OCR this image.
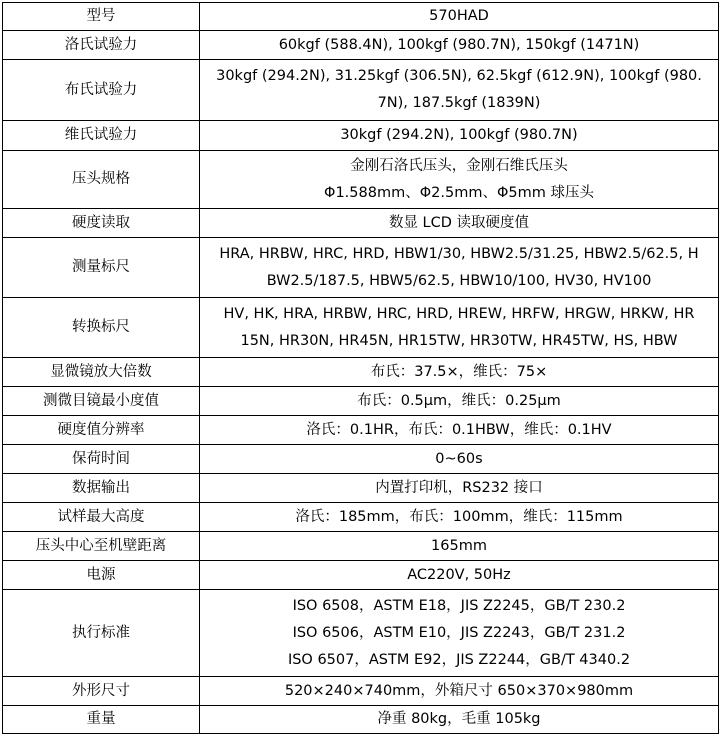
型号	570HAD

洛氏试验力	60kgf (588.4N), 100kgf (980.7N), 150kgf (1471N)

布氏试验力	30kgf (294.2N), 31.25kgf (306.5N), 62.5kgf (612.9N), 100kgf (980.
7N), 187.5kgf (1839N)

维氏试验力	30kgf (294.2N), 100kgf (980.7N)

压头规格	金刚石洛氏压头，金刚石维氏压头
Φ1.588mm、Φ2.5mm、Φ5mm 球压头

硬度读取	数显 LCD 读取硬度值

测量标尺	HRA, HRBW, HRC, HRD, HBW1/30, HBW2.5/31.25, HBW2.5/62.5, H
BW2.5/187.5, HBW5/62.5, HBW10/100, HV30, HV100

转换标尺	HV, HK, HRA, HRBW, HRC, HRD, HREW, HRFW, HRGW, HRKW, HR
15N, HR30N, HR45N, HR15TW, HR30TW, HR45TW, HS, HBW

显微镜放大倍数	布氏：37.5×，维氏：75×

测微目镜最小度值	布氏：0.5μm，维氏：0.25μm

硬度值分辨率	洛氏：0.1HR，布氏：0.1HBW，维氏：0.1HV

保荷时间	0~60s

数据输出	内置打印机，RS232 接口

试样最大高度	洛氏：185mm，布氏：100mm，维氏：115mm

压头中心至机壁距离	165mm

电源	AC220V, 50Hz

执行标准	ISO 6508，ASTM E18，JIS Z2245，GB/T 230.2
ISO 6506，ASTM E10，JIS Z2243，GB/T 231.2
ISO 6507，ASTM E92，JIS Z2244，GB/T 4340.2

外形尺寸	520×240×740mm，外箱尺寸 650×370×980mm

重量	净重 80kg，毛重 105kg
